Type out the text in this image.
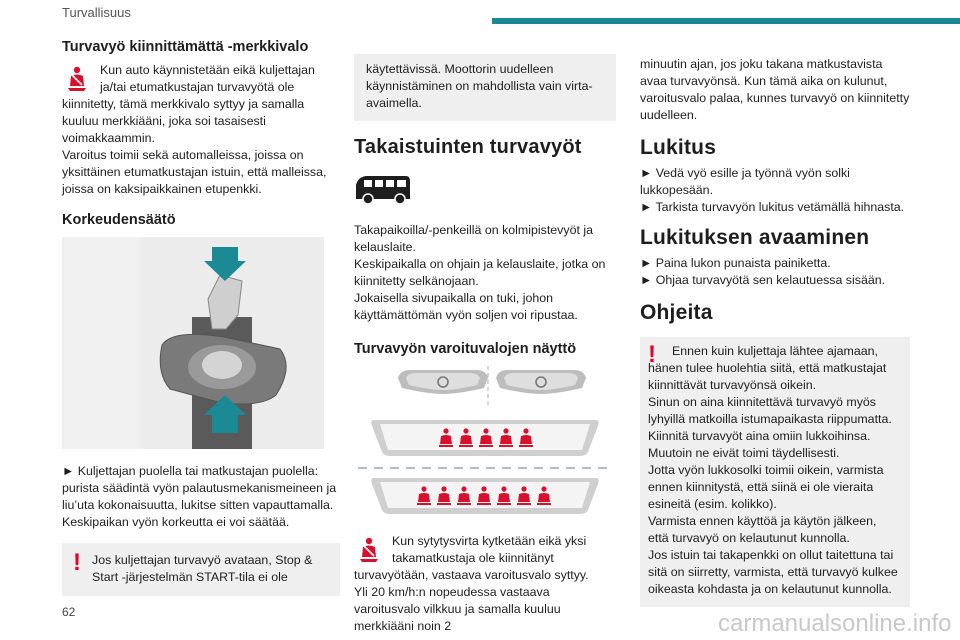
Turvallisuus
Turvavyö kiinnittämättä -merkkivalo

Kun auto käynnistetään eikä kuljettajan ja/tai etumatkustajan turvavyötä ole kiinnitetty, tämä merkkivalo syttyy ja samalla kuuluu merkkiääni, joka soi tasaisesti voimakkaammin.

Varoitus toimii sekä automalleissa, joissa on yksittäinen etumatkustajan istuin, että malleissa, joissa on kaksipaikkainen etupenkki.

Korkeudensäätö

► Kuljettajan puolella tai matkustajan puolella: purista säädintä vyön palautusmekanismeineen ja liu’uta kokonaisuutta, lukitse sitten vapauttamalla.

Keskipaikan vyön korkeutta ei voi säätää.

! Jos kuljettajan turvavyö avataan, Stop & Start -järjestelmän START-tila ei ole

käytettävissä. Moottorin uudelleen käynnistäminen on mahdollista vain virta-avaimella.

Takaistuinten turvavyöt

Takapaikoilla/-penkeillä on kolmipistevyöt ja kelauslaite.

Keskipaikalla on ohjain ja kelauslaite, jotka on kiinnitetty selkänojaan.

Jokaisella sivupaikalla on tuki, johon käyttämättömän vyön soljen voi ripustaa.

Turvavyön varoituvalojen näyttö

Kun sytytysvirta kytketään eikä yksi takamatkustaja ole kiinnitänyt turvavyötään, vastaava varoitusvalo syttyy.

Yli 20 km/h:n nopeudessa vastaava varoitusvalo vilkkuu ja samalla kuuluu merkkiääni noin 2

minuutin ajan, jos joku takana matkustavista avaa turvavyönsä. Kun tämä aika on kulunut, varoitusvalo palaa, kunnes turvavyö on kiinnitetty uudelleen.

Lukitus

► Vedä vyö esille ja työnnä vyön solki lukkopesään.

► Tarkista turvavyön lukitus vetämällä hihnasta.

Lukituksen avaaminen

► Paina lukon punaista painiketta.

► Ohjaa turvavyötä sen kelautuessa sisään.

Ohjeita
!	Ennen kuin kuljettaja lähtee ajamaan, hänen tulee huolehtia siitä, että matkustajat kiinnittävät turvavyönsä oikein.
Sinun on aina kiinnitettävä turvavyö myös lyhyillä matkoilla istumapaikasta riippumatta.
Kiinnitä turvavyöt aina omiin lukkoihinsa.
Muutoin ne eivät toimi täydellisesti.
Jotta vyön lukkosolki toimii oikein, varmista ennen kiinnitystä, että siinä ei ole vieraita esineitä (esim. kolikko).
Varmista ennen käyttöä ja käytön jälkeen, että turvavyö on kelautunut kunnolla.
Jos istuin tai takapenkki on ollut taitettuna tai sitä on siirretty, varmista, että turvavyö kulkee oikeasta kohdasta ja on kelautunut kunnolla.

62	carmanualsonline.info
